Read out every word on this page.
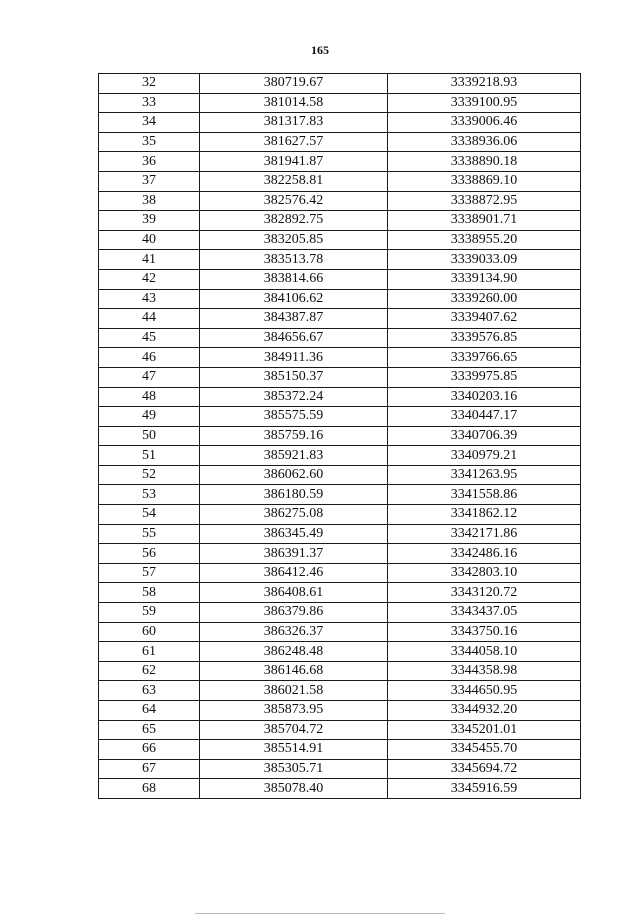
165
32	380719.67	3339218.93
33	381014.58	3339100.95
34	381317.83	3339006.46
35	381627.57	3338936.06
36	381941.87	3338890.18
37	382258.81	3338869.10
38	382576.42	3338872.95
39	382892.75	3338901.71
40	383205.85	3338955.20
41	383513.78	3339033.09
42	383814.66	3339134.90
43	384106.62	3339260.00
44	384387.87	3339407.62
45	384656.67	3339576.85
46	384911.36	3339766.65
47	385150.37	3339975.85
48	385372.24	3340203.16
49	385575.59	3340447.17
50	385759.16	3340706.39
51	385921.83	3340979.21
52	386062.60	3341263.95
53	386180.59	3341558.86
54	386275.08	3341862.12
55	386345.49	3342171.86
56	386391.37	3342486.16
57	386412.46	3342803.10
58	386408.61	3343120.72
59	386379.86	3343437.05
60	386326.37	3343750.16
61	386248.48	3344058.10
62	386146.68	3344358.98
63	386021.58	3344650.95
64	385873.95	3344932.20
65	385704.72	3345201.01
66	385514.91	3345455.70
67	385305.71	3345694.72
68	385078.40	3345916.59
